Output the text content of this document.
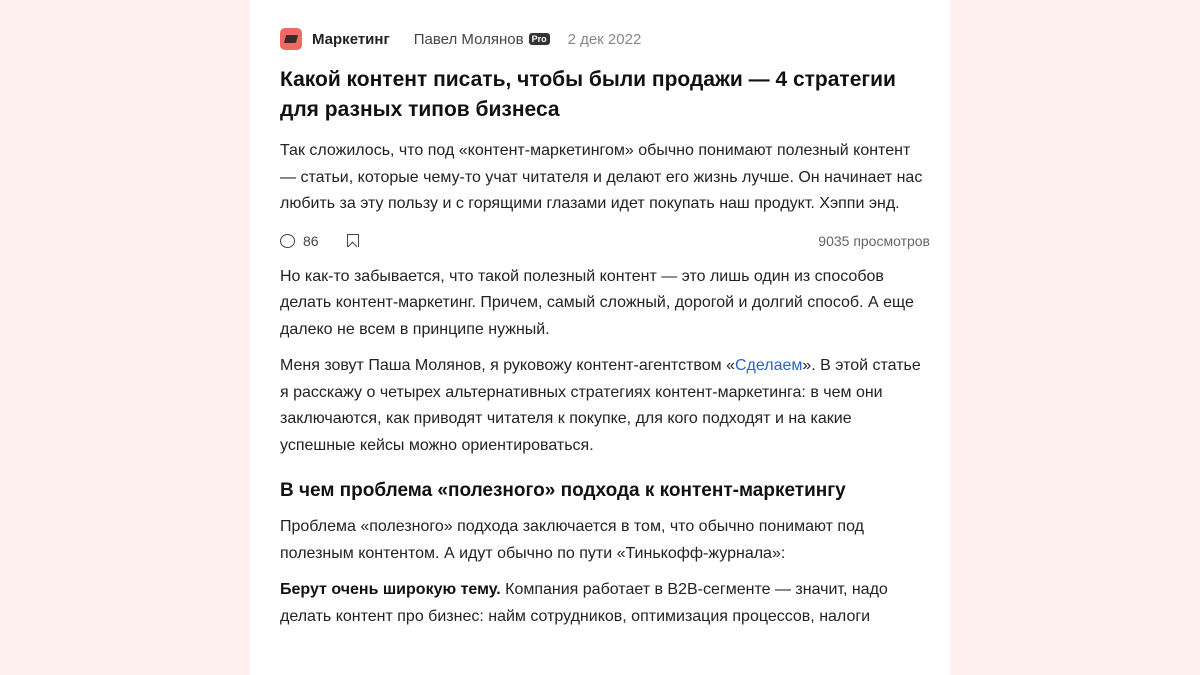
Маркетинг Павел Молянов Pro 2 дек 2022
Какой контент писать, чтобы были продажи — 4 стратегии для разных типов бизнеса

Так сложилось, что под «контент-маркетингом» обычно понимают полезный контент — статьи, которые чему-то учат читателя и делают его жизнь лучше. Он начинает нас любить за эту пользу и с горящими глазами идет покупать наш продукт. Хэппи энд.

86	9035 просмотров

Но как-то забывается, что такой полезный контент — это лишь один из способов делать контент-маркетинг. Причем, самый сложный, дорогой и долгий способ. А еще далеко не всем в принципе нужный.

Меня зовут Паша Молянов, я руковожу контент-агентством «Сделаем». В этой статье я расскажу о четырех альтернативных стратегиях контент-маркетинга: в чем они заключаются, как приводят читателя к покупке, для кого подходят и на какие успешные кейсы можно ориентироваться.

В чем проблема «полезного» подхода к контент-маркетингу

Проблема «полезного» подхода заключается в том, что обычно понимают под полезным контентом. А идут обычно по пути «Тинькофф-журнала»:

Берут очень широкую тему. Компания работает в B2B-сегменте — значит, надо делать контент про бизнес: найм сотрудников, оптимизация процессов, налоги
